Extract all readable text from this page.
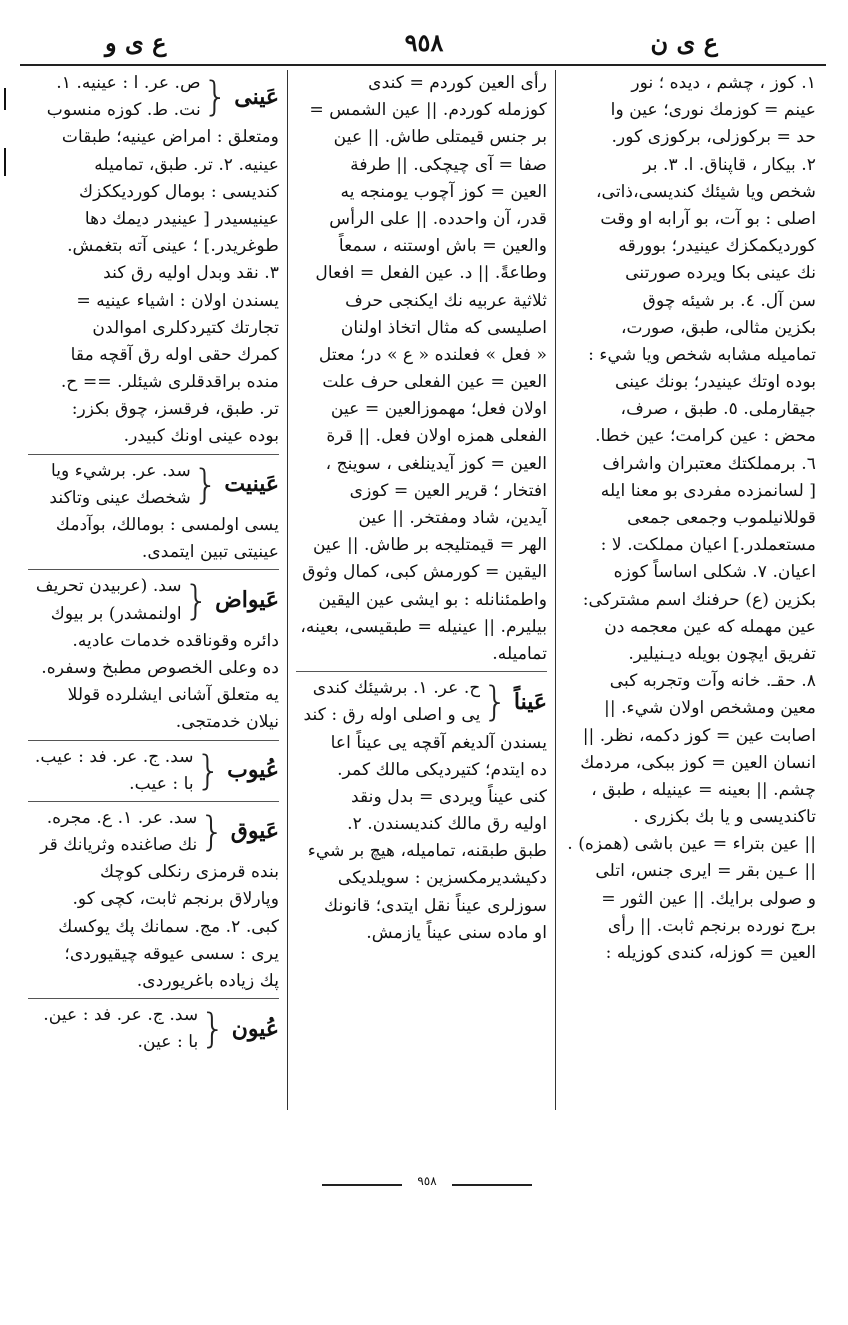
ع ى ن
٩٥٨
ع ى و
١. كوز ، چشم ، ديده ؛ نور
عينم = كوزمك نورى؛ عين وا
حد = بركوزلى، بركوزى كور.
٢. بيكار ، قاپناق. ا. ٣. بر
شخص ويا شيئك كنديسى،ذاتى،
اصلى : بو آت، بو آرابه او وقت
كورديكمكزك عينيدر؛ بوورقه
نك عينى بكا ويرده صورتنى
سن آل. ٤. بر شيئه چوق
بكزين مثالى، طبق، صورت،
تماميله مشابه شخص ويا شيء :
بوده اوتك عينيدر؛ بونك عينى
جيقارملى. ٥. طبق ، صرف،
محض : عين كرامت؛ عين خطا.
٦. برمملكتك معتبران واشراف
[ لسانمزده مفردى بو معنا ايله
قوللانيلموب وجمعى جمعى
مستعملدر.] اعيان مملكت. لا :
اعيان. ٧. شكلى اساساً كوزه
بكزين (ع) حرفنك اسم مشتركى:
عين مهمله كه عين معجمه دن
تفريق ايچون بويله ديـنيلير.
٨. حقـ. خانه وآت وتجربه كبى
معين ومشخص اولان شيء. ||
اصابت عين = كوز دكمه، نظر. ||
انسان العين = كوز ببكى، مردمك
چشم. || بعينه = عينيله ، طبق ،
تاكنديسى و يا بك بكزرى .
|| عين بتراء = عين باشى (همزه) .
|| عـين بقر = ايرى جنس، اتلى
و صولى برايك. || عين الثور =
برج نورده برنجم ثابت. || رأى
العين = كوزله، كندى كوزيله :
رأى العين كوردم = كندى
كوزمله كوردم. || عين الشمس =
بر جنس قيمتلى طاش. || عين
صفا = آى چيچكى. || طرفة
العين = كوز آچوب يومنجه يه
قدر، آن واحدده. || على الرأس
والعين = باش اوستنه ، سمعاً
وطاعةً. || د. عين الفعل = افعال
ثلاثية عربيه نك ايكنجى حرف
اصليسى كه مثال اتخاذ اولنان
« فعل » فعلنده « ع » در؛ معتل
العين = عين الفعلى حرف علت
اولان فعل؛ مهموزالعين = عين
الفعلى همزه اولان فعل. || قرة
العين = كوز آيدينلغى ، سوينج ،
افتخار ؛ قرير العين = كوزى
آيدين، شاد ومفتخر. || عين
الهر = قيمتليجه بر طاش. || عين
اليقين = كورمش كبى، كمال وثوق
واطمئنانله : بو ايشى عين اليقين
بيليرم. || عينيله = طبقيسى، بعينه،
تماميله.
عَيناً
{
ح. عر. ١. برشيئك كندى
يى و اصلى اوله رق : كند
يسندن آلديغم آقچه يى عيناً اعا
ده ايتدم؛ كتيرديكى مالك كمر.
كنى عيناً ويردى = بدل ونقد
اوليه رق مالك كنديسندن. ٢.
طبق طبقنه، تماميله، هيچ بر شيء
دكيشديرمكسزين : سويلديكى
سوزلرى عيناً نقل ايتدى؛ قانونك
او ماده سنى عيناً يازمش.
عَينى
{
ص. عر. ا : عينيه. ١.
نت. ط. كوزه منسوب
ومتعلق : امراض عينيه؛ طبقات
عينيه. ٢. تر. طبق، تماميله
كنديسى : بومال كورديككزك
عينيسيدر [ عينيدر ديمك دها
طوغريدر.] ؛ عينى آته بتغمش.
٣. نقد وبدل اوليه رق كند
يسندن اولان : اشياء عينيه =
تجارتك كتيردكلرى اموالدن
كمرك حقى اوله رق آقچه مقا
منده براقدقلرى شيئلر. == ح.
تر. طبق، فرقسز، چوق بكزر:
بوده عينى اونك كبيدر.
عَينيت
{
سد. عر. برشيء ويا
شخصك عينى وتاكند
يسى اولمسى : بومالك، بوآدمك
عينيتى تبين ايتمدى.
عَيواض
{
سد. (عربيدن تحريف
اولنمشدر) بر بيوك
دائره وقوناقده خدمات عاديه.
ده وعلى الخصوص مطبخ وسفره.
يه متعلق آشانى ايشلرده قوللا
نيلان خدمتجى.
عُيوب
{
سد. ج. عر. فد : عيب.
با : عيب.
عَيوق
{
سد. عر. ١. ع. مجره.
نك صاغنده وثريانك قر
بنده قرمزى رنكلى كوچك
وپارلاق برنجم ثابت، كچى كو.
كبى. ٢. مج. سمانك پك يوكسك
يرى : سسى عيوقه چيقيوردى؛
پك زياده باغريوردى.
عُيون
{
سد. ج. عر. فد : عين.
با : عين.
٩٥٨
